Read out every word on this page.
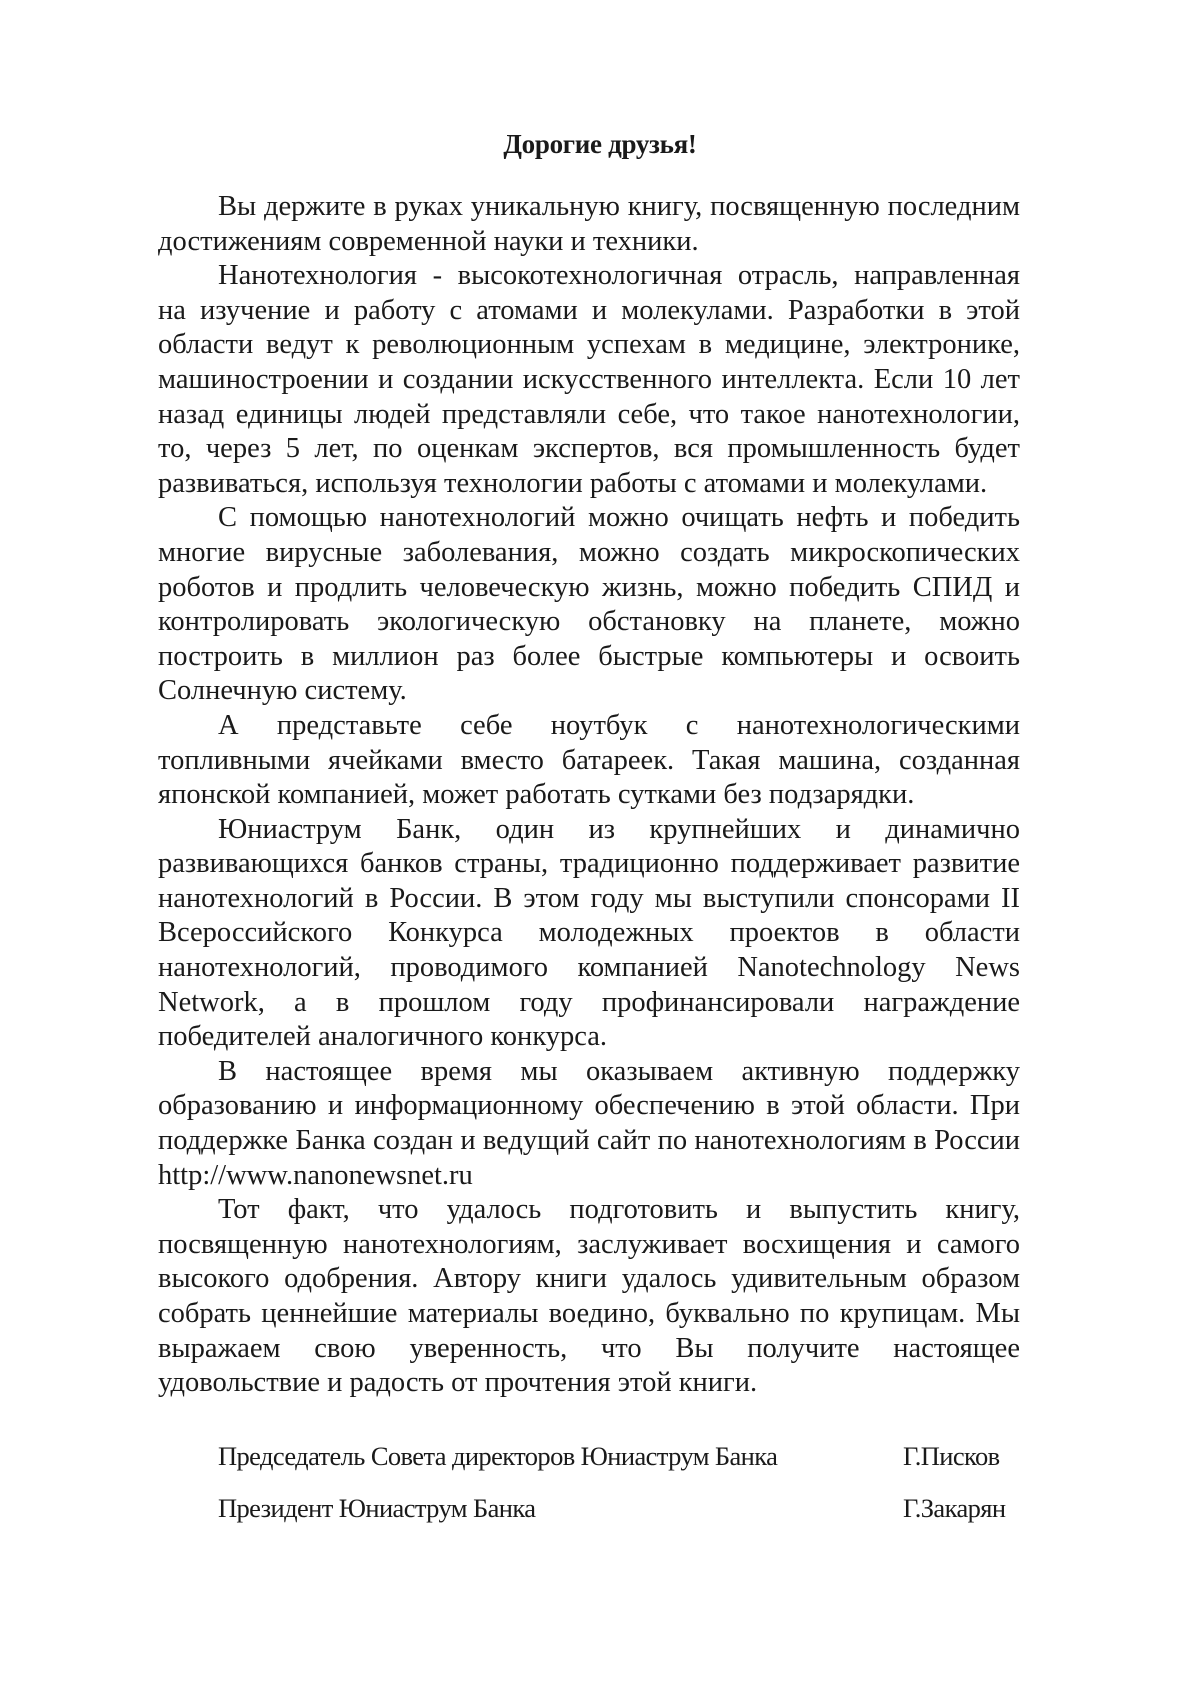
Дорогие друзья!

Вы держите в руках уникальную книгу, посвященную последним достижениям современной науки и техники.

Нанотехнология - высокотехнологичная отрасль, направленная на изучение и работу с атомами и молекулами. Разработки в этой области ведут к революционным успехам в медицине, электронике, машиностроении и создании искусственного интеллекта. Если 10 лет назад единицы людей представляли себе, что такое нанотехнологии, то, через 5 лет, по оценкам экспертов, вся промышленность будет развиваться, используя технологии работы с атомами и молекулами.

С помощью нанотехнологий можно очищать нефть и победить многие вирусные заболевания, можно создать микроскопических роботов и продлить человеческую жизнь, можно победить СПИД и контролировать экологическую обстановку на планете, можно построить в миллион раз более быстрые компьютеры и освоить Солнечную систему.

А представьте себе ноутбук с нанотехнологическими топливными ячейками вместо батареек. Такая машина, созданная японской компанией, может работать сутками без подзарядки.

Юниаструм Банк, один из крупнейших и динамично развивающихся банков страны, традиционно поддерживает развитие нанотехнологий в России. В этом году мы выступили спонсорами II Всероссийского Конкурса молодежных проектов в области нанотехнологий, проводимого компанией Nanotechnology News Network, а в прошлом году профинансировали награждение победителей аналогичного конкурса.

В настоящее время мы оказываем активную поддержку образованию и информационному обеспечению в этой области. При поддержке Банка создан и ведущий сайт по нанотехнологиям в России http://www.nanonewsnet.ru

Тот факт, что удалось подготовить и выпустить книгу, посвященную нанотехнологиям, заслуживает восхищения и самого высокого одобрения. Автору книги удалось удивительным образом собрать ценнейшие материалы воедино, буквально по крупицам. Мы выражаем свою уверенность, что Вы получите настоящее удовольствие и радость от прочтения этой книги.

Председатель Совета директоров Юниаструм Банка	Г.Писков
Президент Юниаструм Банка	Г.Закарян
